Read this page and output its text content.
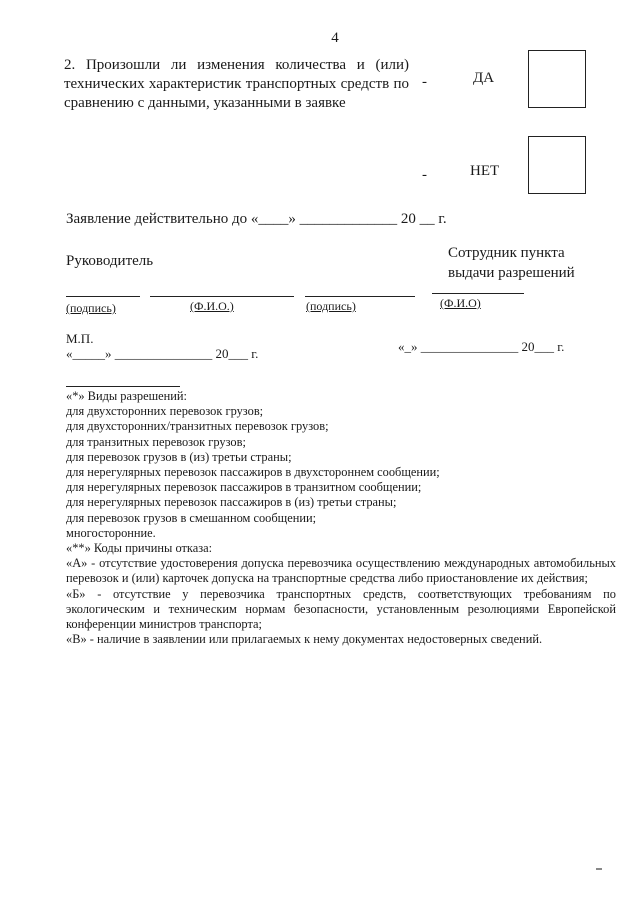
4
2. Произошли ли изменения количества и (или) технических характеристик транспортных средств по сравнению с данными, указанными в заявке
-	ДА
-	НЕТ
Заявление действительно до «____» _____________ 20 __ г.
Руководитель	Сотрудник пункта
выдачи разрешений
(подпись)	(Ф.И.О.)	(подпись)	(Ф.И.О)
М.П.
«_____» _______________ 20___ г.	«_» _______________ 20___ г.
«*» Виды разрешений:
для двухсторонних перевозок грузов;
для двухсторонних/транзитных перевозок грузов;
для транзитных перевозок грузов;
для перевозок грузов в (из) третьи страны;
для нерегулярных перевозок пассажиров в двухстороннем сообщении;
для нерегулярных перевозок пассажиров в транзитном сообщении;
для нерегулярных перевозок пассажиров в (из) третьи страны;
для перевозок грузов в смешанном сообщении;
многосторонние.
«**» Коды причины отказа:
«А» - отсутствие удостоверения допуска перевозчика осуществлению международных автомобильных перевозок и (или) карточек допуска на транспортные средства либо приостановление их действия;
«Б» - отсутствие у перевозчика транспортных средств, соответствующих требованиям по экологическим и техническим нормам безопасности, установленным резолюциями Европейской конференции министров транспорта;
«В» - наличие в заявлении или прилагаемых к нему документах недостоверных сведений.
